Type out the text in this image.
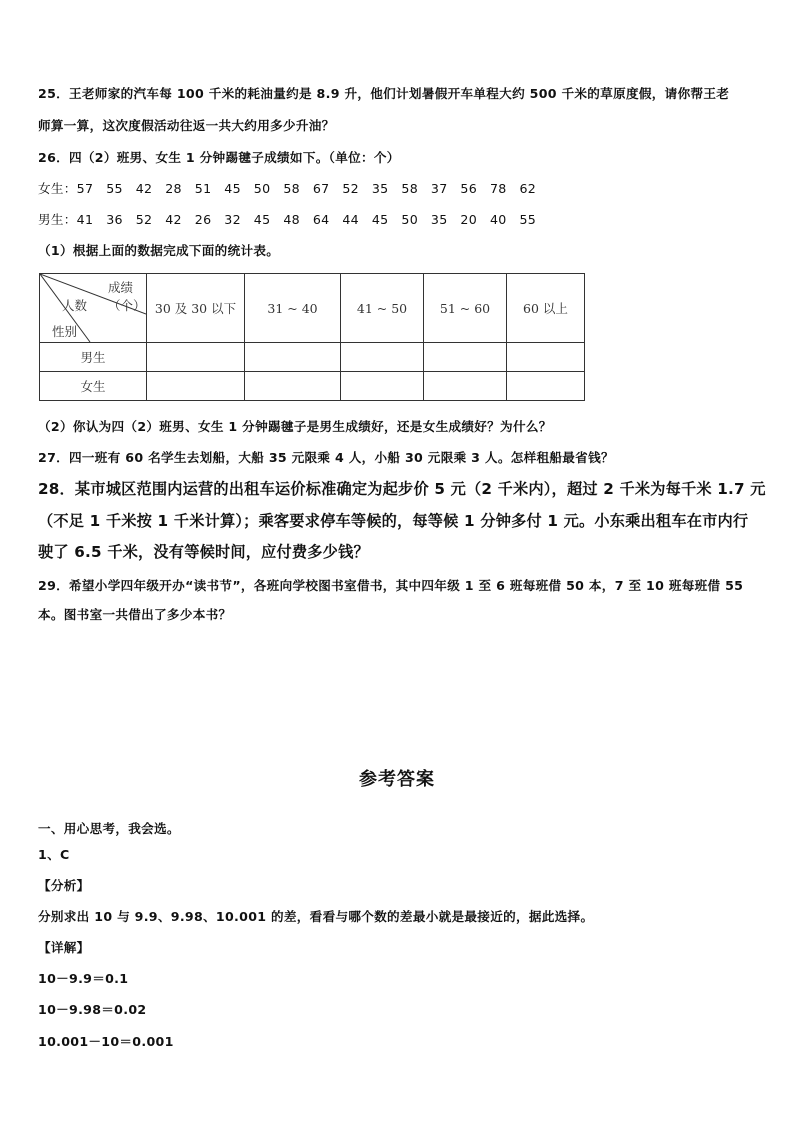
25．王老师家的汽车每 100 千米的耗油量约是 8.9 升，他们计划暑假开车单程大约 500 千米的草原度假，请你帮王老
师算一算，这次度假活动往返一共大约用多少升油？
26．四（2）班男、女生 1 分钟踢毽子成绩如下。（单位：个）
女生：57　55　42　28　51　45　50　58　67　52　35　58　37　56　78　62
男生：41　36　52　42　26　32　45　48　64　44　45　50　35　20　40　55
（1）根据上面的数据完成下面的统计表。
成绩
（个）
人数
性别	30 及 30 以下	31 ~ 40	41 ~ 50	51 ~ 60	60 以上
男生					
女生					
（2）你认为四（2）班男、女生 1 分钟踢毽子是男生成绩好，还是女生成绩好？为什么？
27．四一班有 60 名学生去划船，大船 35 元限乘 4 人，小船 30 元限乘 3 人。怎样租船最省钱？
28．某市城区范围内运营的出租车运价标准确定为起步价 5 元（2 千米内），超过 2 千米为每千米 1.7 元
（不足 1 千米按 1 千米计算）；乘客要求停车等候的，每等候 1 分钟多付 1 元。小东乘出租车在市内行
驶了 6.5 千米，没有等候时间，应付费多少钱？
29．希望小学四年级开办“读书节”，各班向学校图书室借书，其中四年级 1 至 6 班每班借 50 本，7 至 10 班每班借 55
本。图书室一共借出了多少本书？
参考答案
一、用心思考，我会选。
1、C
【分析】
分别求出 10 与 9.9、9.98、10.001 的差，看看与哪个数的差最小就是最接近的，据此选择。
【详解】
10－9.9＝0.1
10－9.98＝0.02
10.001－10＝0.001
